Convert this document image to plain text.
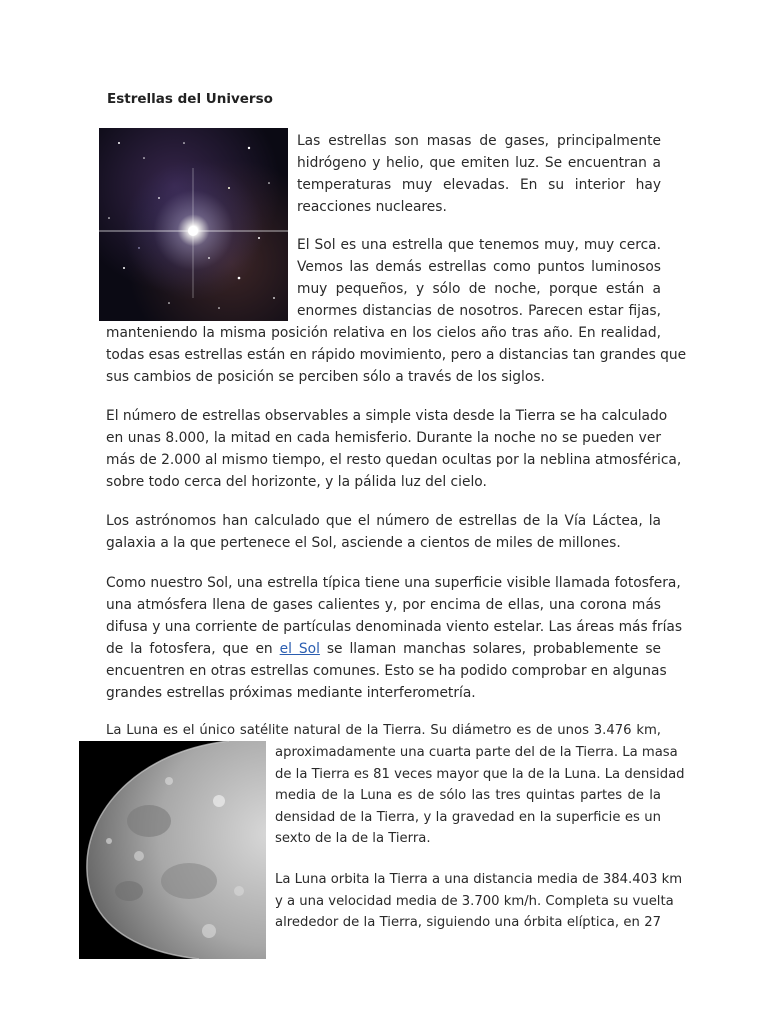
Estrellas del Universo
Las estrellas son masas de gases, principalmente
hidrógeno y helio, que emiten luz. Se encuentran a
temperaturas muy elevadas. En su interior hay
reacciones nucleares.
El Sol es una estrella que tenemos muy, muy cerca.
Vemos las demás estrellas como puntos luminosos
muy pequeños, y sólo de noche, porque están a
enormes distancias de nosotros. Parecen estar fijas,
manteniendo la misma posición relativa en los cielos año tras año. En realidad,
todas esas estrellas están en rápido movimiento, pero a distancias tan grandes que
sus cambios de posición se perciben sólo a través de los siglos.
El número de estrellas observables a simple vista desde la Tierra se ha calculado
en unas 8.000, la mitad en cada hemisferio. Durante la noche no se pueden ver
más de 2.000 al mismo tiempo, el resto quedan ocultas por la neblina atmosférica,
sobre todo cerca del horizonte, y la pálida luz del cielo.
Los astrónomos han calculado que el número de estrellas de la Vía Láctea, la
galaxia a la que pertenece el Sol, asciende a cientos de miles de millones.
Como nuestro Sol, una estrella típica tiene una superficie visible llamada fotosfera,
una atmósfera llena de gases calientes y, por encima de ellas, una corona más
difusa y una corriente de partículas denominada viento estelar. Las áreas más frías
de la fotosfera, que en el Sol se llaman manchas solares, probablemente se
encuentren en otras estrellas comunes. Esto se ha podido comprobar en algunas
grandes estrellas próximas mediante interferometría.
La Luna es el único satélite natural de la Tierra. Su diámetro es de unos 3.476 km,
aproximadamente una cuarta parte del de la Tierra. La masa
de la Tierra es 81 veces mayor que la de la Luna. La densidad
media de la Luna es de sólo las tres quintas partes de la
densidad de la Tierra, y la gravedad en la superficie es un
sexto de la de la Tierra.
La Luna orbita la Tierra a una distancia media de 384.403 km
y a una velocidad media de 3.700 km/h. Completa su vuelta
alrededor de la Tierra, siguiendo una órbita elíptica, en 27
